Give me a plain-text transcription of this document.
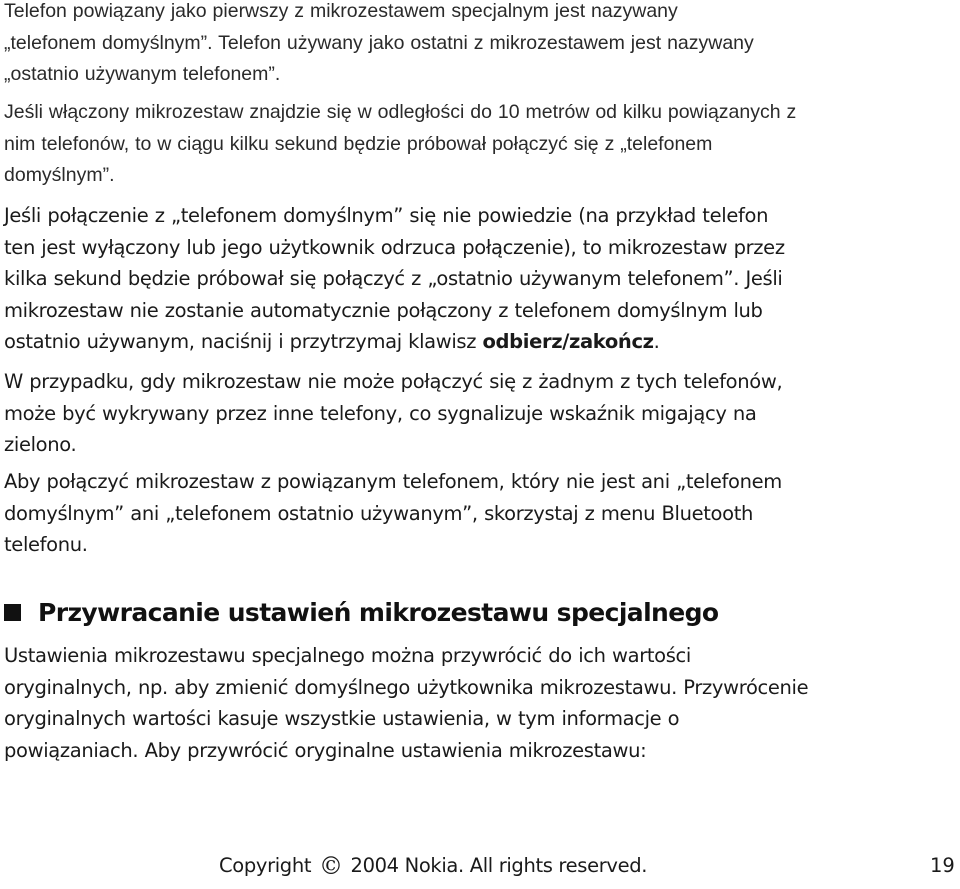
Telefon powiązany jako pierwszy z mikrozestawem specjalnym jest nazywany „telefonem domyślnym”. Telefon używany jako ostatni z mikrozestawem jest nazywany „ostatnio używanym telefonem”.

Jeśli włączony mikrozestaw znajdzie się w odległości do 10 metrów od kilku powiązanych z nim telefonów, to w ciągu kilku sekund będzie próbował połączyć się z „telefonem domyślnym”.

Jeśli połączenie z „telefonem domyślnym” się nie powiedzie (na przykład telefon ten jest wyłączony lub jego użytkownik odrzuca połączenie), to mikrozestaw przez kilka sekund będzie próbował się połączyć z „ostatnio używanym telefonem”. Jeśli mikrozestaw nie zostanie automatycznie połączony z telefonem domyślnym lub ostatnio używanym, naciśnij i przytrzymaj klawisz odbierz/zakończ.

W przypadku, gdy mikrozestaw nie może połączyć się z żadnym z tych telefonów, może być wykrywany przez inne telefony, co sygnalizuje wskaźnik migający na zielono.

Aby połączyć mikrozestaw z powiązanym telefonem, który nie jest ani „telefonem domyślnym” ani „telefonem ostatnio używanym”, skorzystaj z menu Bluetooth telefonu.

Przywracanie ustawień mikrozestawu specjalnego

Ustawienia mikrozestawu specjalnego można przywrócić do ich wartości oryginalnych, np. aby zmienić domyślnego użytkownika mikrozestawu. Przywrócenie oryginalnych wartości kasuje wszystkie ustawienia, w tym informacje o powiązaniach. Aby przywrócić oryginalne ustawienia mikrozestawu:

Copyright © 2004 Nokia. All rights reserved.	19
